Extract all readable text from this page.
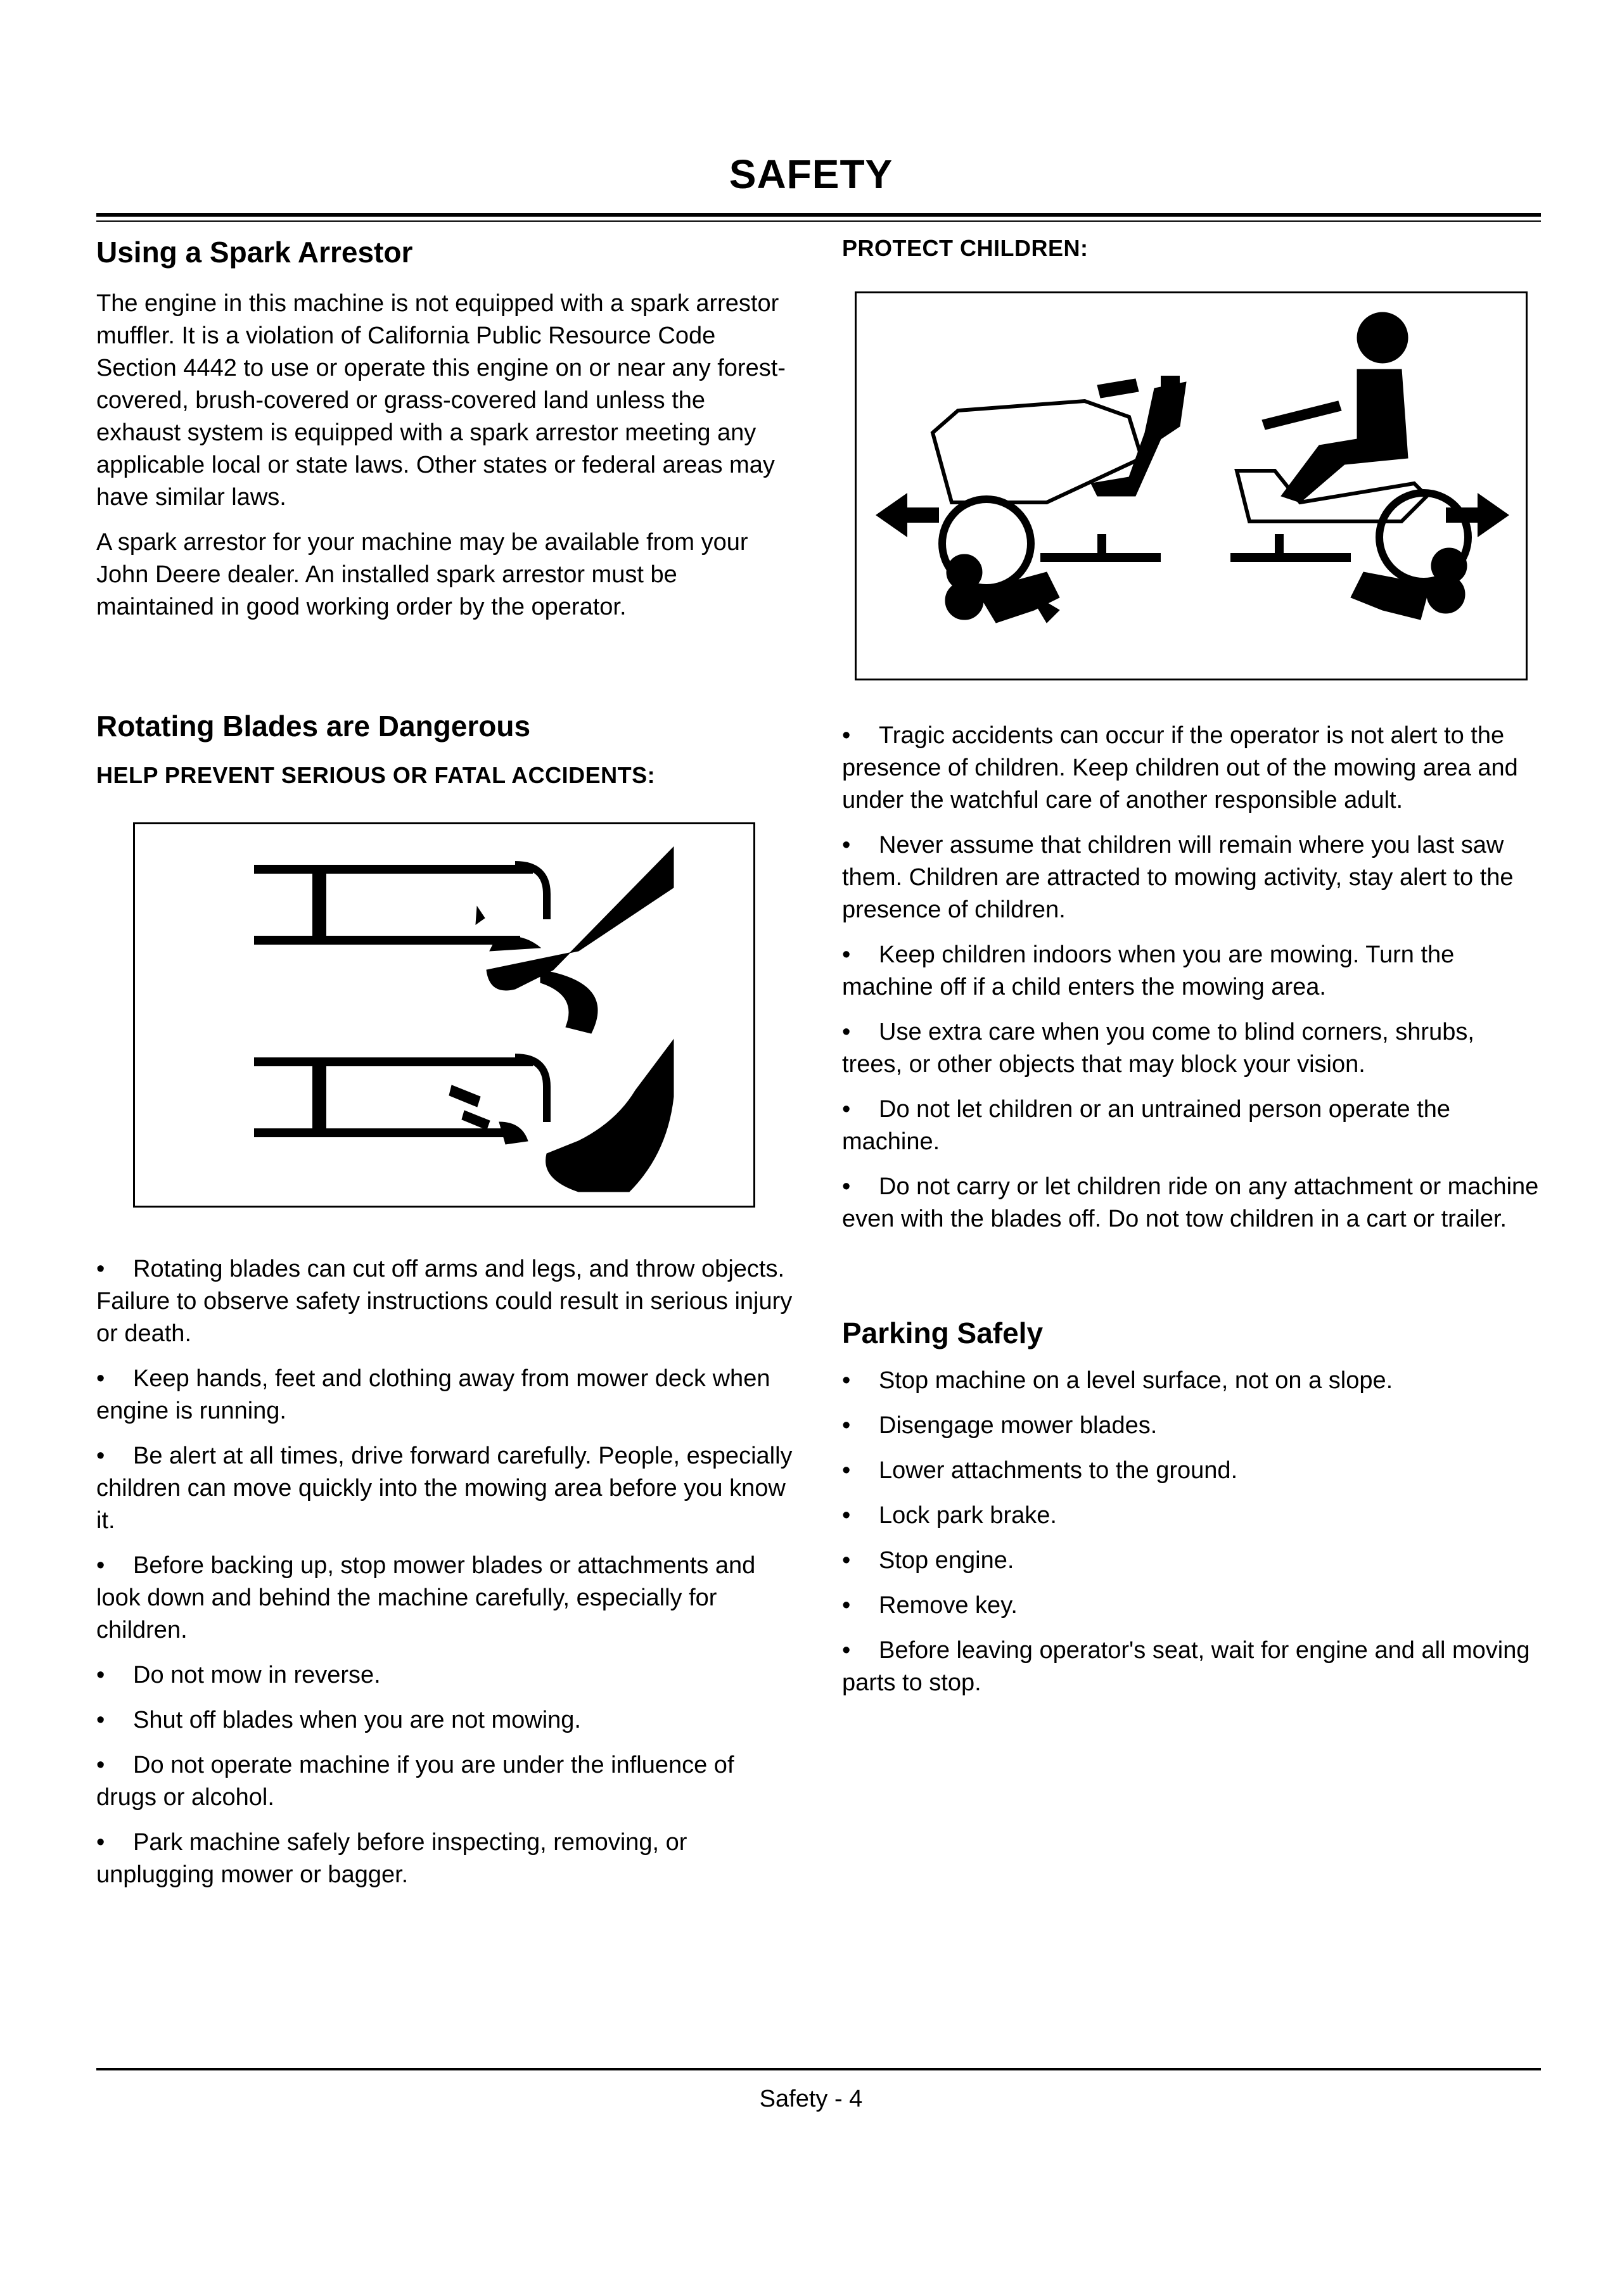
SAFETY
Using a Spark Arrestor

The engine in this machine is not equipped with a spark arrestor muffler. It is a violation of California Public Resource Code Section 4442 to use or operate this engine on or near any forest-covered, brush-covered or grass-covered land unless the exhaust system is equipped with a spark arrestor meeting any applicable local or state laws. Other states or federal areas may have similar laws.

A spark arrestor for your machine may be available from your John Deere dealer. An installed spark arrestor must be maintained in good working order by the operator.

Rotating Blades are Dangerous
HELP PREVENT SERIOUS OR FATAL ACCIDENTS:

• Rotating blades can cut off arms and legs, and throw objects. Failure to observe safety instructions could result in serious injury or death.

• Keep hands, feet and clothing away from mower deck when engine is running.

• Be alert at all times, drive forward carefully. People, especially children can move quickly into the mowing area before you know it.

• Before backing up, stop mower blades or attachments and look down and behind the machine carefully, especially for children.

• Do not mow in reverse.

• Shut off blades when you are not mowing.

• Do not operate machine if you are under the influence of drugs or alcohol.

• Park machine safely before inspecting, removing, or unplugging mower or bagger.

PROTECT CHILDREN:

• Tragic accidents can occur if the operator is not alert to the presence of children. Keep children out of the mowing area and under the watchful care of another responsible adult.

• Never assume that children will remain where you last saw them. Children are attracted to mowing activity, stay alert to the presence of children.

• Keep children indoors when you are mowing. Turn the machine off if a child enters the mowing area.

• Use extra care when you come to blind corners, shrubs, trees, or other objects that may block your vision.

• Do not let children or an untrained person operate the machine.

• Do not carry or let children ride on any attachment or machine even with the blades off. Do not tow children in a cart or trailer.

Parking Safely

• Stop machine on a level surface, not on a slope.

• Disengage mower blades.

• Lower attachments to the ground.

• Lock park brake.

• Stop engine.

• Remove key.

• Before leaving operator's seat, wait for engine and all moving parts to stop.

Safety - 4
